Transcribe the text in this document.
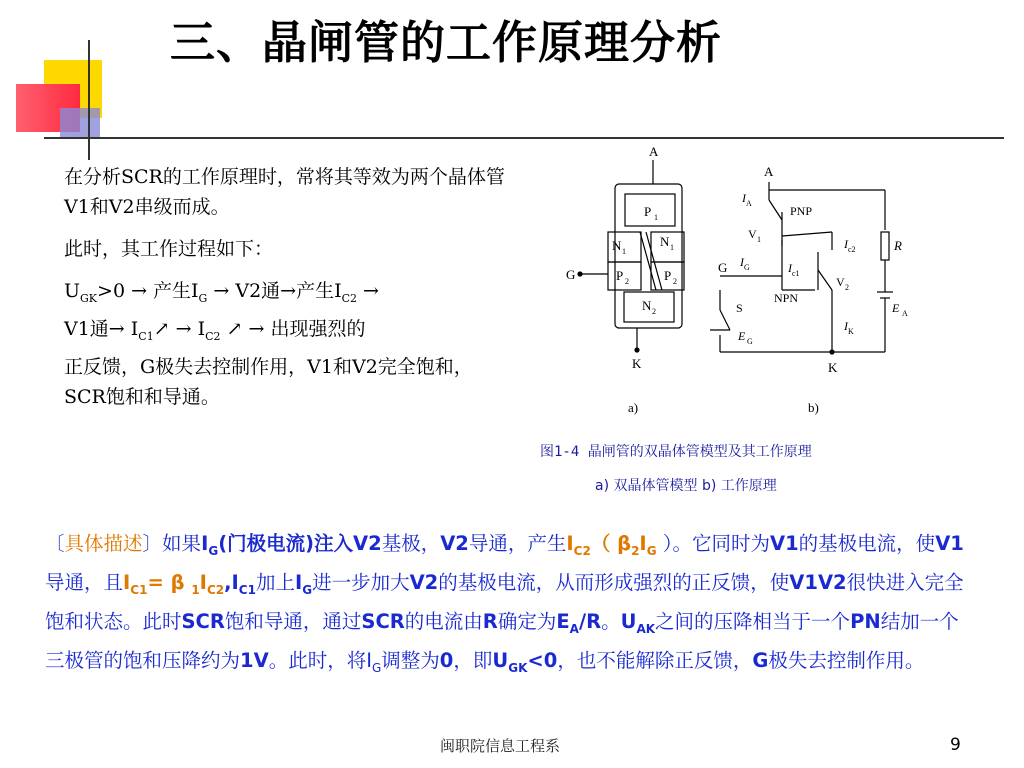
三、晶闸管的工作原理分析

在分析SCR的工作原理时，常将其等效为两个晶体管V1和V2串级而成。

此时，其工作过程如下：

$U_{GK}>0$ → 产生$I_G \to V2$通→产生$I_{C2}$ →
V1通→ $I_{C1}↗ \to I_{C2}$ ↗ → 出现强烈的
正反馈，G极失去控制作用，V1和V2完全饱和，SCR饱和和导通。

A
P 1
N 1
N 1
P 2	P 2
N 2
G
K
a)
A
K
G
PNP
NPN
V 1
V 2
S
R
E A
E G
I A
I G	I c1
I c2
I K
b)
图1-4 晶闸管的双晶体管模型及其工作原理
a) 双晶体管模型 b) 工作原理
〔具体描述〕如果$I_G$(门极电流)注入V2基极，V2导通，产生$I_{C2}$（ $\beta_2I_G$ ）。它同时为V1的基极电流，使V1导通，且$I_{C1}= \beta$ $_1I_{C2},I_{C1}$加上$I_G$进一步加大V2的基极电流，从而形成强烈的正反馈，使V1V2很快进入完全饱和状态。此时SCR饱和导通，通过SCR的电流由R确定为$E_A/R$。$U_{AK}$之间的压降相当于一个PN结加一个三极管的饱和压降约为1V。此时，将$I_G$调整为0，即$U_{GK}<0$，也不能解除正反馈，G极失去控制作用。
闽职院信息工程系	9
